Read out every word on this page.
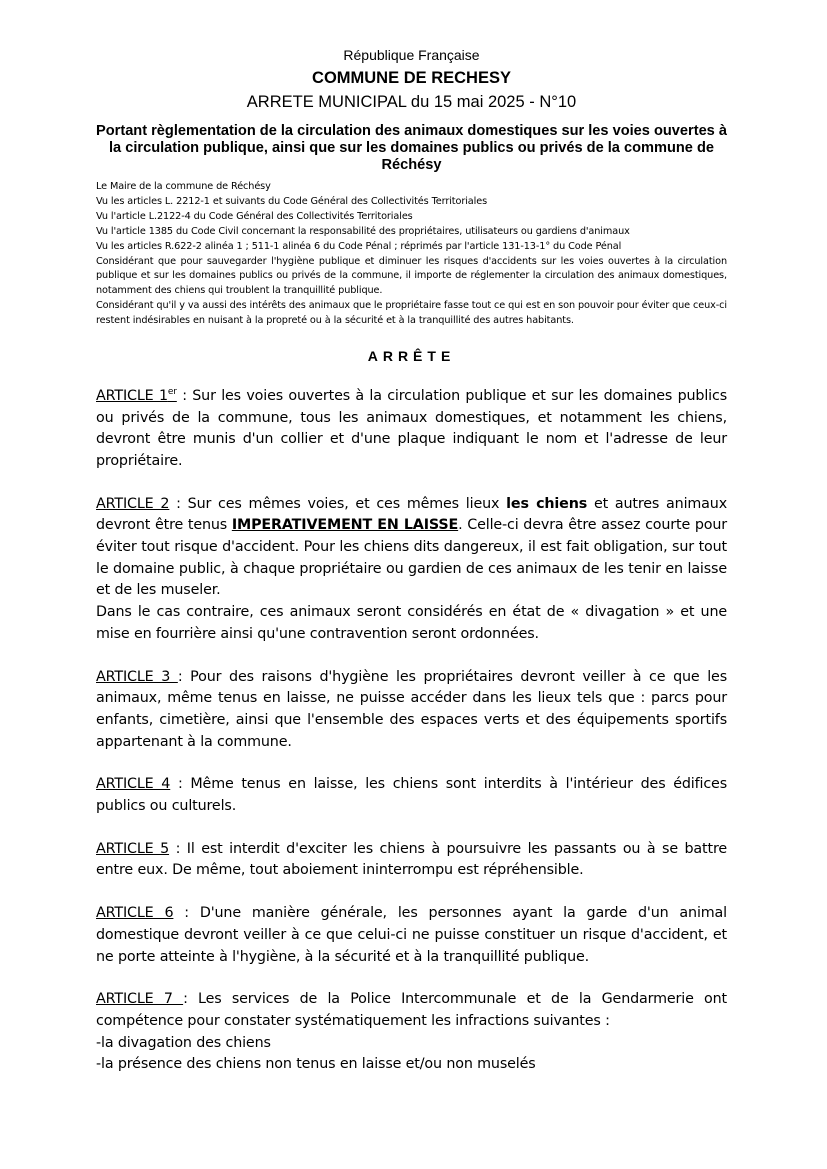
République Française
COMMUNE DE RECHESY
ARRETE MUNICIPAL du 15 mai 2025 - N°10
Portant règlementation de la circulation des animaux domestiques sur les voies ouvertes à la circulation publique, ainsi que sur les domaines publics ou privés de la commune de Réchésy

Le Maire de la commune de Réchésy

Vu les articles L. 2212-1 et suivants du Code Général des Collectivités Territoriales

Vu l'article L.2122-4 du Code Général des Collectivités Territoriales

Vu l'article 1385 du Code Civil concernant la responsabilité des propriétaires, utilisateurs ou gardiens d'animaux

Vu les articles R.622-2 alinéa 1 ; 511-1 alinéa 6 du Code Pénal ; réprimés par l'article 131-13-1° du Code Pénal

Considérant que pour sauvegarder l'hygiène publique et diminuer les risques d'accidents sur les voies ouvertes à la circulation publique et sur les domaines publics ou privés de la commune, il importe de réglementer la circulation des animaux domestiques, notamment des chiens qui troublent la tranquillité publique.

Considérant qu'il y va aussi des intérêts des animaux que le propriétaire fasse tout ce qui est en son pouvoir pour éviter que ceux-ci restent indésirables en nuisant à la propreté ou à la sécurité et à la tranquillité des autres habitants.

ARRÊTE

ARTICLE 1er : Sur les voies ouvertes à la circulation publique et sur les domaines publics ou privés de la commune, tous les animaux domestiques, et notamment les chiens, devront être munis d'un collier et d'une plaque indiquant le nom et l'adresse de leur propriétaire.

ARTICLE 2 : Sur ces mêmes voies, et ces mêmes lieux les chiens et autres animaux devront être tenus IMPERATIVEMENT EN LAISSE. Celle-ci devra être assez courte pour éviter tout risque d'accident. Pour les chiens dits dangereux, il est fait obligation, sur tout le domaine public, à chaque propriétaire ou gardien de ces animaux de les tenir en laisse et de les museler.
Dans le cas contraire, ces animaux seront considérés en état de « divagation » et une mise en fourrière ainsi qu'une contravention seront ordonnées.

ARTICLE 3 : Pour des raisons d'hygiène les propriétaires devront veiller à ce que les animaux, même tenus en laisse, ne puisse accéder dans les lieux tels que : parcs pour enfants, cimetière, ainsi que l'ensemble des espaces verts et des équipements sportifs appartenant à la commune.

ARTICLE 4 : Même tenus en laisse, les chiens sont interdits à l'intérieur des édifices publics ou culturels.

ARTICLE 5 : Il est interdit d'exciter les chiens à poursuivre les passants ou à se battre entre eux. De même, tout aboiement ininterrompu est répréhensible.

ARTICLE 6 : D'une manière générale, les personnes ayant la garde d'un animal domestique devront veiller à ce que celui-ci ne puisse constituer un risque d'accident, et ne porte atteinte à l'hygiène, à la sécurité et à la tranquillité publique.

ARTICLE 7 : Les services de la Police Intercommunale et de la Gendarmerie ont compétence pour constater systématiquement les infractions suivantes :
-la divagation des chiens
-la présence des chiens non tenus en laisse et/ou non muselés
